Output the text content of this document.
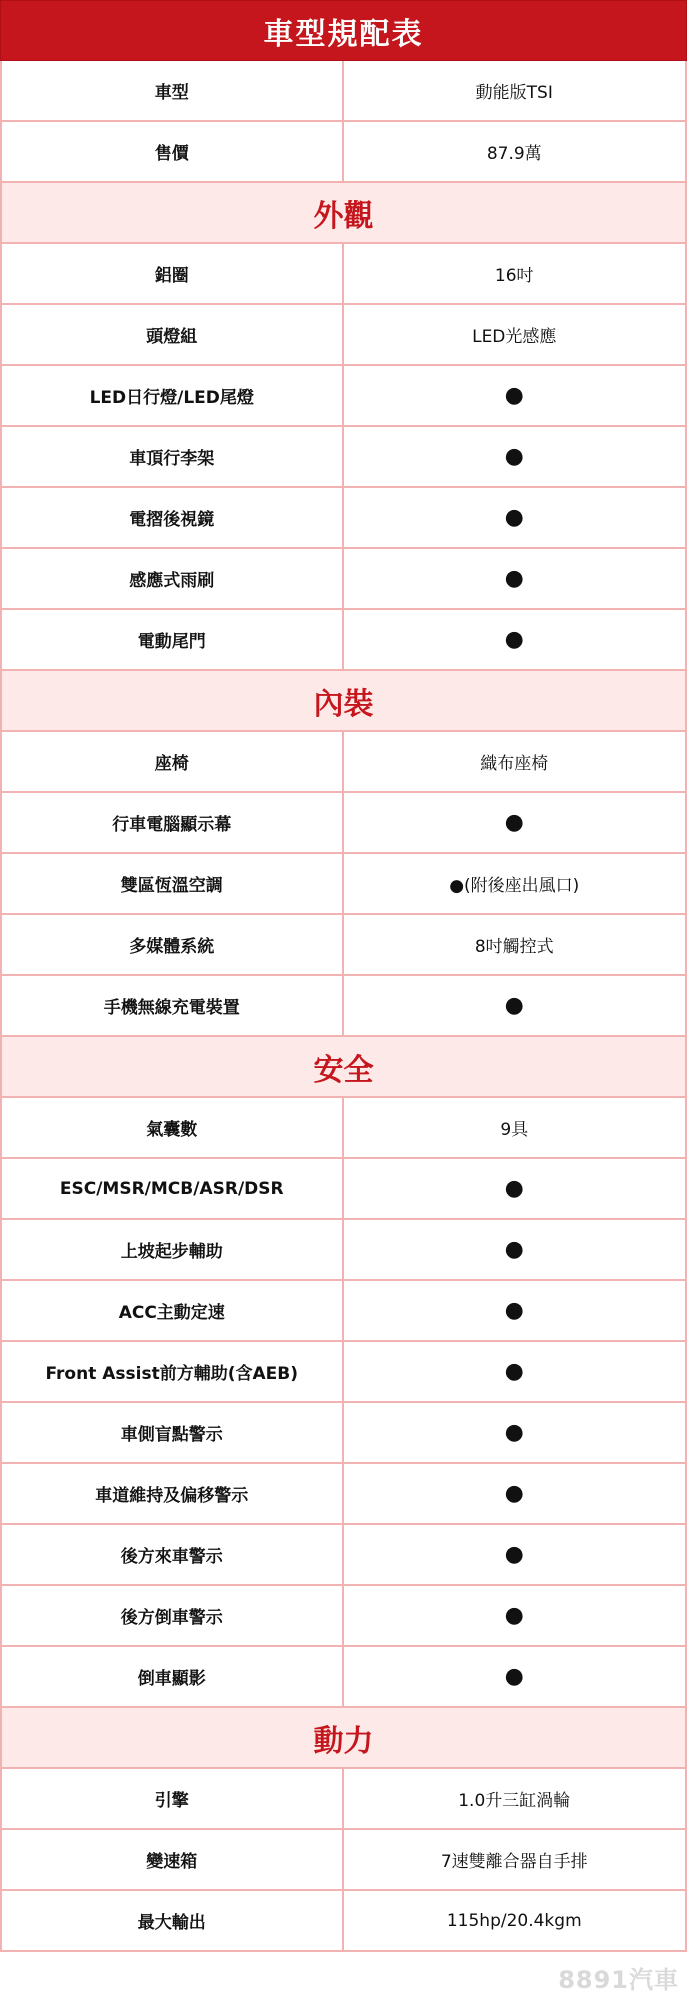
車型規配表
車型	動能版TSI
售價	87.9萬
外觀
鋁圈	16吋
頭燈組	LED光感應
LED日行燈/LED尾燈	●
車頂行李架	●
電摺後視鏡	●
感應式雨刷	●
電動尾門	●
內裝
座椅	織布座椅
行車電腦顯示幕	●
雙區恆溫空調	●(附後座出風口)
多媒體系統	8吋觸控式
手機無線充電裝置	●
安全
氣囊數	9具
ESC/MSR/MCB/ASR/DSR	●
上坡起步輔助	●
ACC主動定速	●
Front Assist前方輔助(含AEB)	●
車側盲點警示	●
車道維持及偏移警示	●
後方來車警示	●
後方倒車警示	●
倒車顯影	●
動力
引擎	1.0升三缸渦輪
變速箱	7速雙離合器自手排
最大輸出	115hp/20.4kgm
8891汽車
